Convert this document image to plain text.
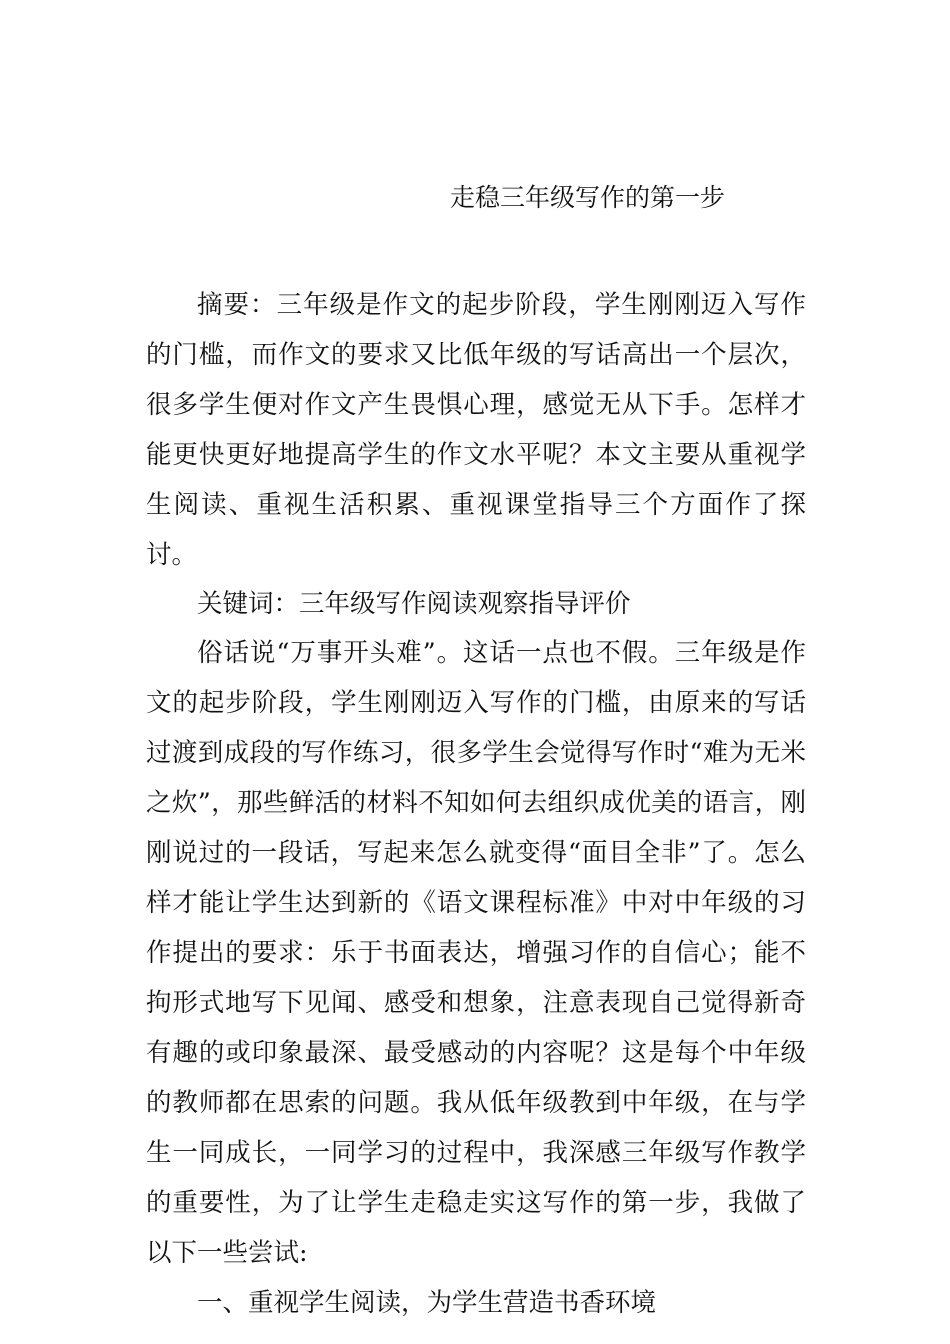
走稳三年级写作的第一步

摘要：三年级是作文的起步阶段，学生刚刚迈入写作的门槛，而作文的要求又比低年级的写话高出一个层次，很多学生便对作文产生畏惧心理，感觉无从下手。怎样才能更快更好地提高学生的作文水平呢？本文主要从重视学生阅读、重视生活积累、重视课堂指导三个方面作了探讨。

关键词：三年级写作阅读观察指导评价

俗话说“万事开头难”。这话一点也不假。三年级是作文的起步阶段，学生刚刚迈入写作的门槛，由原来的写话过渡到成段的写作练习，很多学生会觉得写作时“难为无米之炊”，那些鲜活的材料不知如何去组织成优美的语言，刚刚说过的一段话，写起来怎么就变得“面目全非”了。怎么样才能让学生达到新的《语文课程标准》中对中年级的习作提出的要求：乐于书面表达，增强习作的自信心；能不拘形式地写下见闻、感受和想象，注意表现自己觉得新奇有趣的或印象最深、最受感动的内容呢？这是每个中年级的教师都在思索的问题。我从低年级教到中年级，在与学生一同成长，一同学习的过程中，我深感三年级写作教学的重要性，为了让学生走稳走实这写作的第一步，我做了以下一些尝试:

一、重视学生阅读，为学生营造书香环境
